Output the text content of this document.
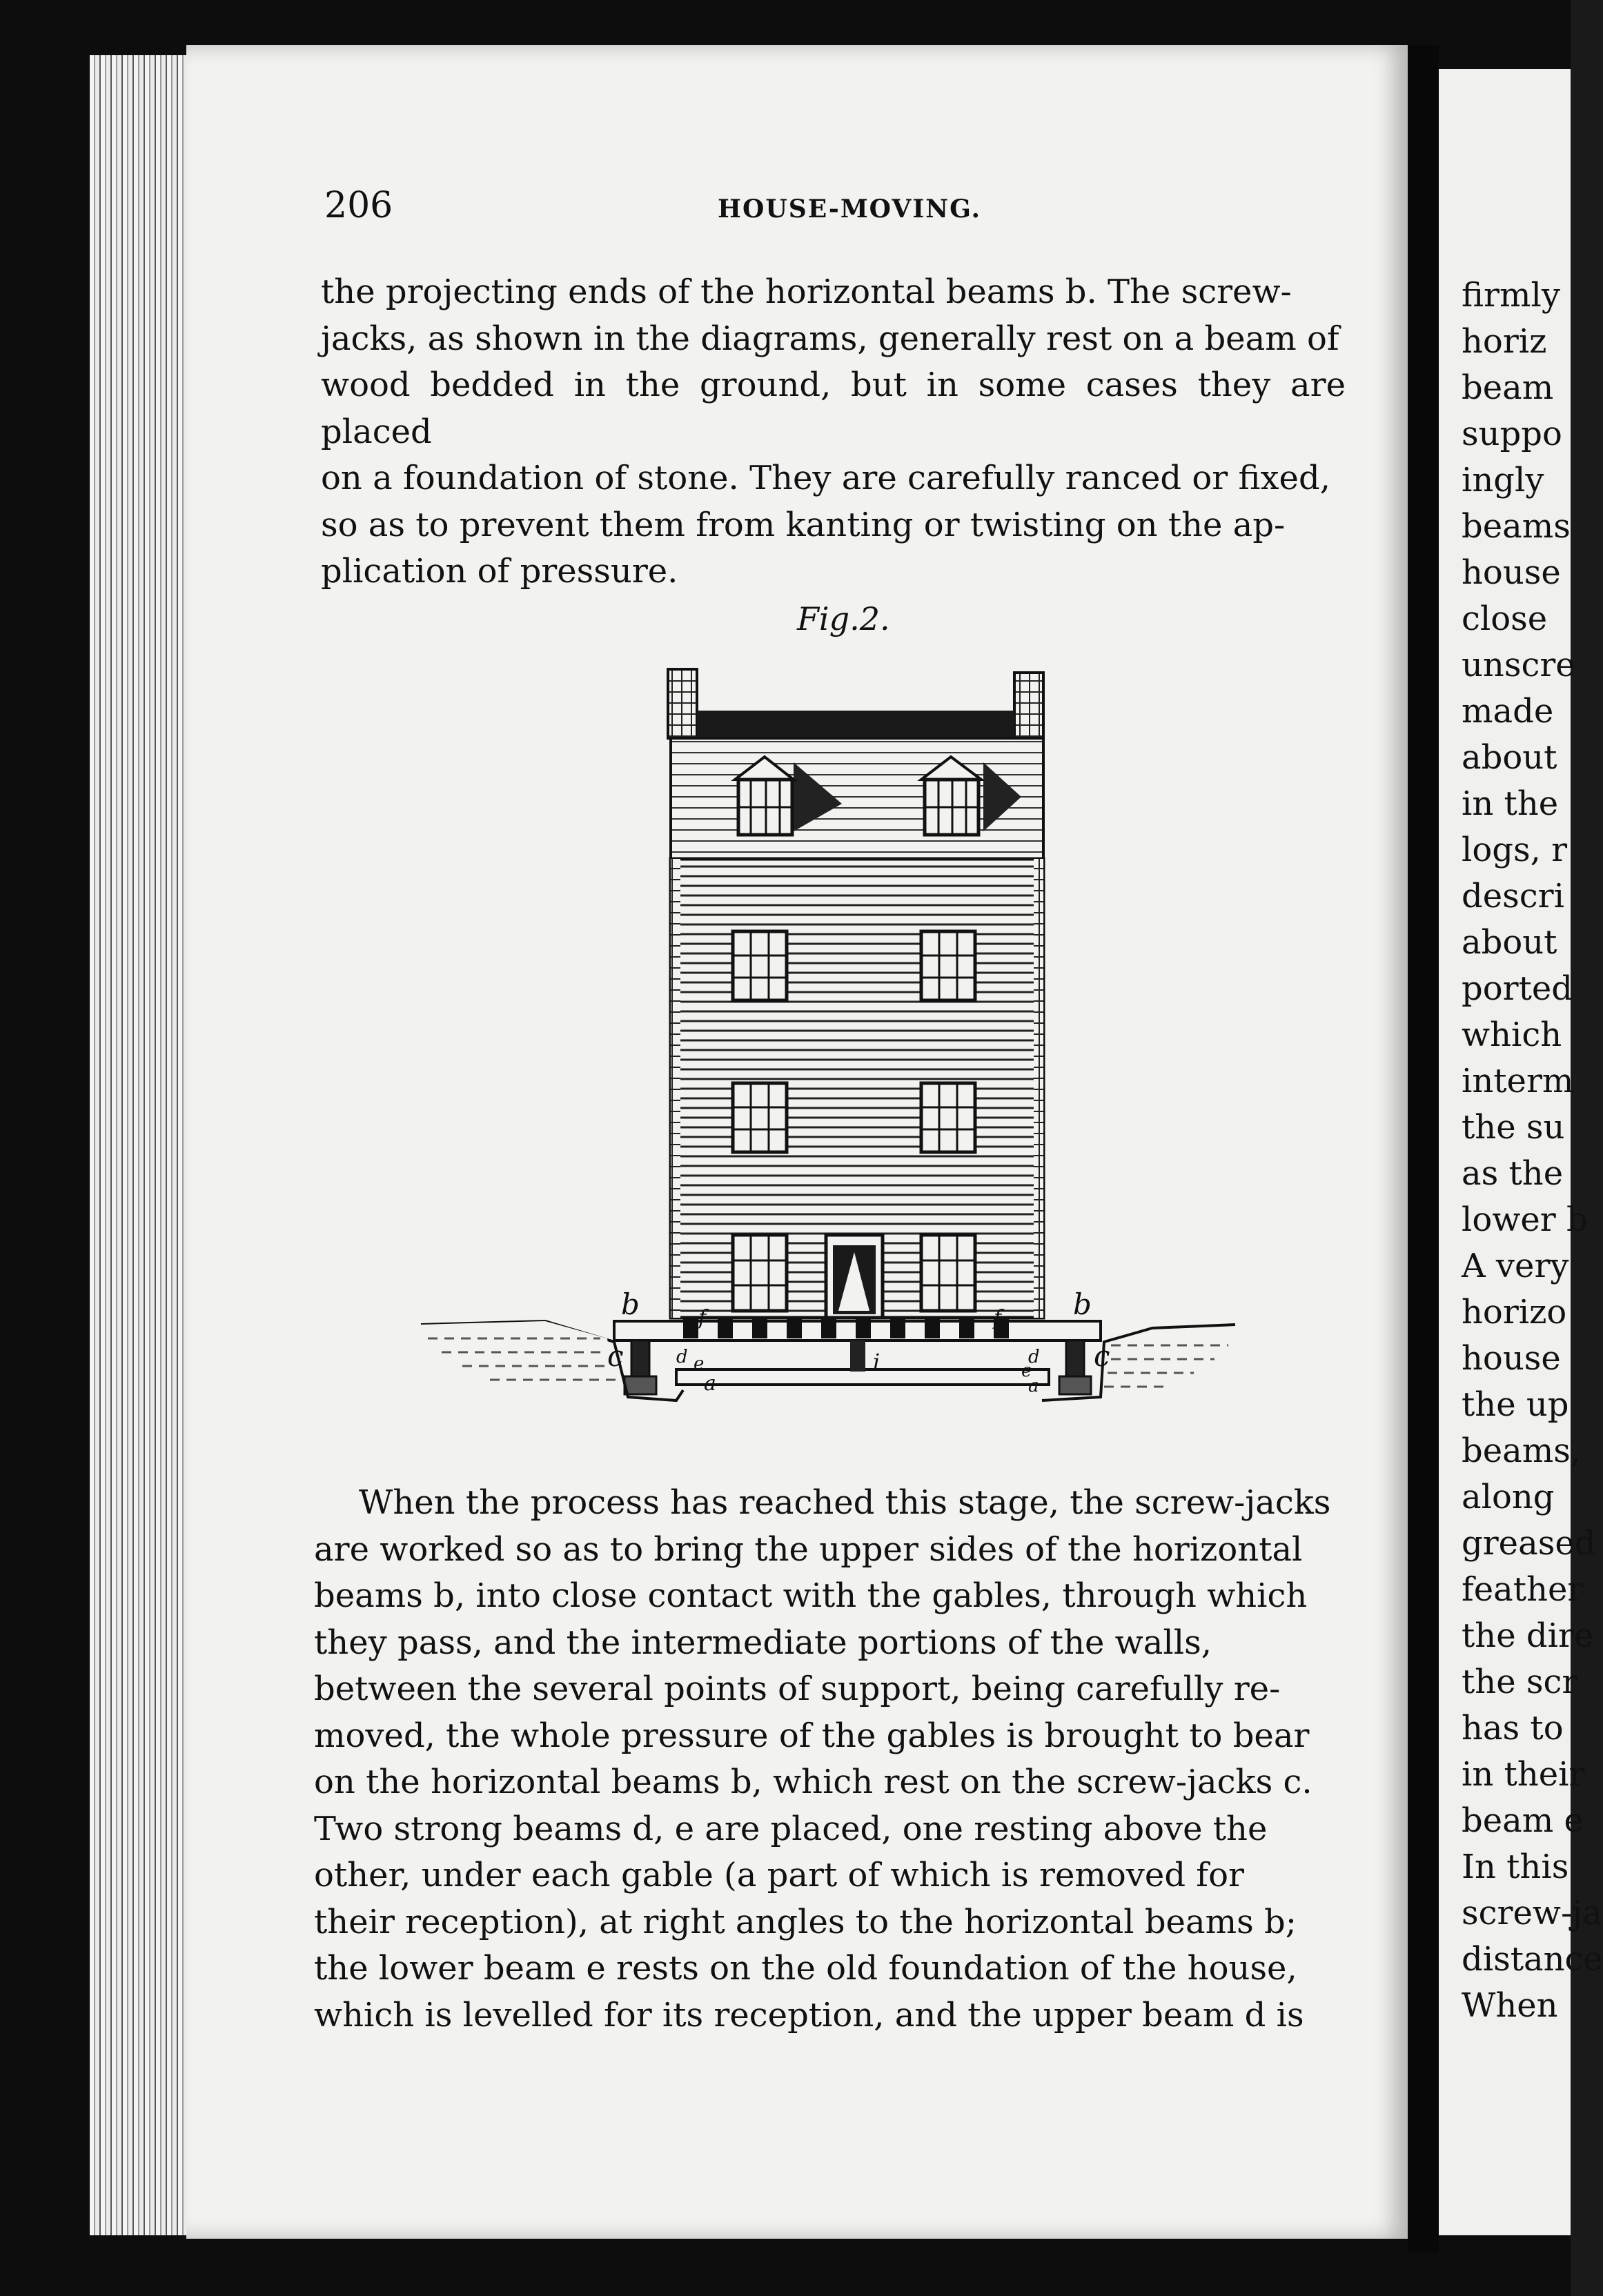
206	HOUSE-MOVING.
the projecting ends of the horizontal beams b. The screw-
jacks, as shown in the diagrams, generally rest on a beam of
wood bedded in the ground, but in some cases they are placed
on a foundation of stone. They are carefully ranced or fixed,
so as to prevent them from kanting or twisting on the ap-
plication of pressure.
Fig.2.
b	b
c	c
f	f
i
d e
a
d
e
a
When the process has reached this stage, the screw-jacks
are worked so as to bring the upper sides of the horizontal
beams b, into close contact with the gables, through which
they pass, and the intermediate portions of the walls,
between the several points of support, being carefully re-
moved, the whole pressure of the gables is brought to bear
on the horizontal beams b, which rest on the screw-jacks c.
Two strong beams d, e are placed, one resting above the
other, under each gable (a part of which is removed for
their reception), at right angles to the horizontal beams b;
the lower beam e rests on the old foundation of the house,
which is levelled for its reception, and the upper beam d is
firmly
horiz
beam
suppo
ingly
beams
house
close
unscre
made
about
in the
logs, r
descri
about
ported
which
interm
the su
as the
lower b
A very
horizo
house
the up
beams,
along
greased
feather
the dire
the scr
has to
in their
beam e
In this
screw-ja
distance
When
